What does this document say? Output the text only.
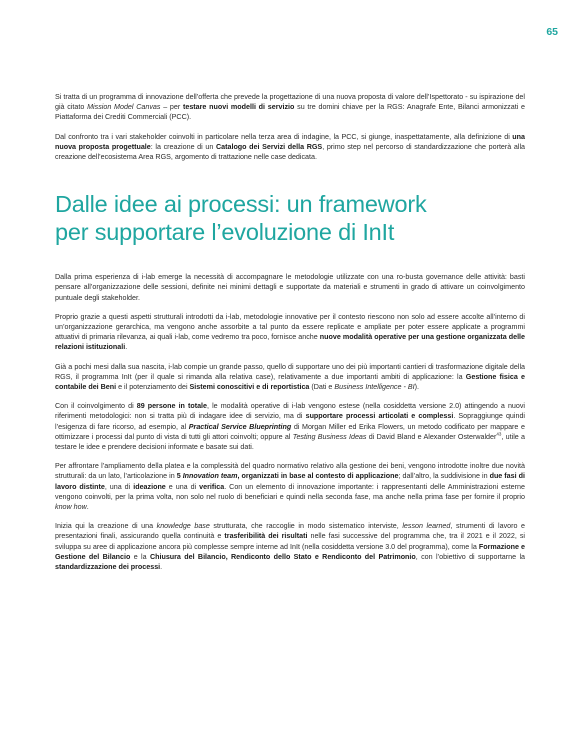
65

Si tratta di un programma di innovazione dell’offerta che prevede la progettazione di una nuova proposta di valore dell’Ispettorato - su ispirazione del già citato Mission Model Canvas – per testare nuovi modelli di servizio su tre domini chiave per la RGS: Anagrafe Ente, Bilanci armonizzati e Piattaforma dei Crediti Commerciali (PCC).

Dal confronto tra i vari stakeholder coinvolti in particolare nella terza area di indagine, la PCC, si giunge, inaspettatamente, alla definizione di una nuova proposta progettuale: la creazione di un Catalogo dei Servizi della RGS, primo step nel percorso di standardizzazione che porterà alla creazione dell’ecosistema Area RGS, argomento di trattazione nelle case dedicata.

Dalle idee ai processi: un framework
per supportare l’evoluzione di InIt

Dalla prima esperienza di i-lab emerge la necessità di accompagnare le metodologie utilizzate con una ro-busta governance delle attività: basti pensare all’organizzazione delle sessioni, definite nei minimi dettagli e supportate da materiali e strumenti in grado di attivare un coinvolgimento puntuale degli stakeholder.

Proprio grazie a questi aspetti strutturali introdotti da i-lab, metodologie innovative per il contesto riescono non solo ad essere accolte all’interno di un’organizzazione gerarchica, ma vengono anche assorbite a tal punto da essere replicate e ampliate per poter essere applicate a programmi attuativi di primaria rilevanza, ai quali i-lab, come vedremo tra poco, fornisce anche nuove modalità operative per una gestione organizzata delle relazioni istituzionali.

Già a pochi mesi dalla sua nascita, i-lab compie un grande passo, quello di supportare uno dei più importanti cantieri di trasformazione digitale della RGS, il programma InIt (per il quale si rimanda alla relativa case), relativamente a due importanti ambiti di applicazione: la Gestione fisica e contabile dei Beni e il potenziamento dei Sistemi conoscitivi e di reportistica (Dati e Business Intelligence - BI).

Con il coinvolgimento di 89 persone in totale, le modalità operative di i-lab vengono estese (nella cosiddetta versione 2.0) attingendo a nuovi riferimenti metodologici: non si tratta più di indagare idee di servizio, ma di supportare processi articolati e complessi. Sopraggiunge quindi l’esigenza di fare ricorso, ad esempio, al Practical Service Blueprinting di Morgan Miller ed Erika Flowers, un metodo codificato per mappare e ottimizzare i processi dal punto di vista di tutti gli attori coinvolti; oppure al Testing Business Ideas di David Bland e Alexander Osterwalder$^{43}$, utile a testare le idee e prendere decisioni informate e basate sui dati.

Per affrontare l’ampliamento della platea e la complessità del quadro normativo relativo alla gestione dei beni, vengono introdotte inoltre due novità strutturali: da un lato, l’articolazione in 5 Innovation team, organizzati in base al contesto di applicazione; dall’altro, la suddivisione in due fasi di lavoro distinte, una di ideazione e una di verifica. Con un elemento di innovazione importante: i rappresentanti delle Amministrazioni esterne vengono coinvolti, per la prima volta, non solo nel ruolo di beneficiari e quindi nella seconda fase, ma anche nella prima fase per fornire il proprio know how.

Inizia qui la creazione di una knowledge base strutturata, che raccoglie in modo sistematico interviste, lesson learned, strumenti di lavoro e presentazioni finali, assicurando quella continuità e trasferibilità dei risultati nelle fasi successive del programma che, tra il 2021 e il 2022, si sviluppa su aree di applicazione ancora più complesse sempre interne ad InIt (nella cosiddetta versione 3.0 del programma), come la Formazione e Gestione del Bilancio e la Chiusura del Bilancio, Rendiconto dello Stato e Rendiconto del Patrimonio, con l’obiettivo di supportarne la standardizzazione dei processi.
